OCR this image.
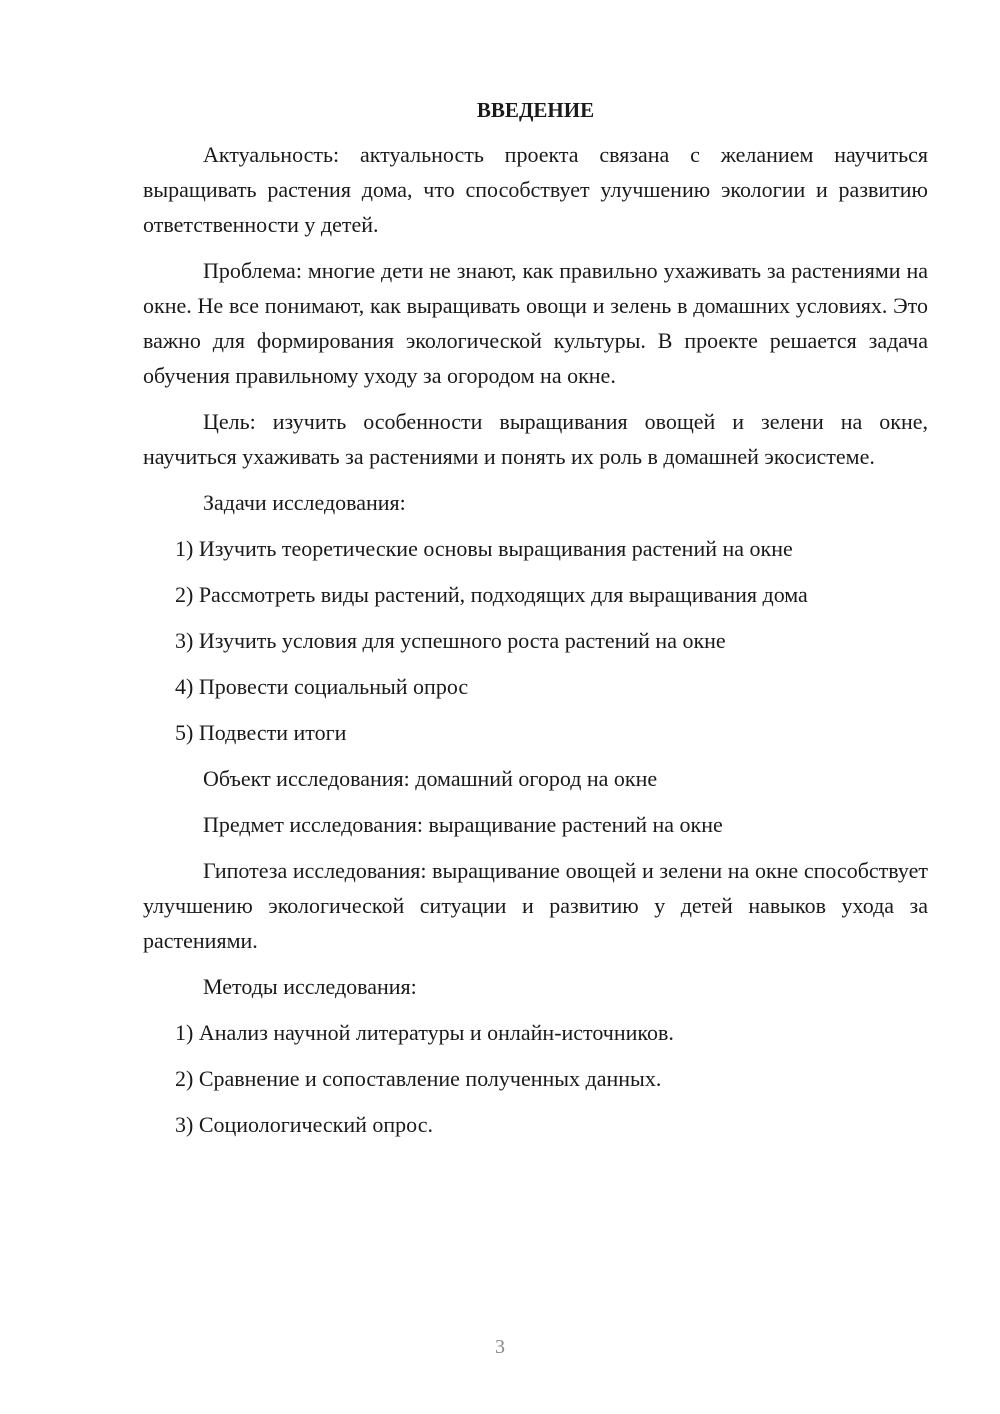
ВВЕДЕНИЕ

Актуальность: актуальность проекта связана с желанием научиться выращивать растения дома, что способствует улучшению экологии и развитию ответственности у детей.

Проблема: многие дети не знают, как правильно ухаживать за растениями на окне. Не все понимают, как выращивать овощи и зелень в домашних условиях. Это важно для формирования экологической культуры. В проекте решается задача обучения правильному уходу за огородом на окне.

Цель: изучить особенности выращивания овощей и зелени на окне, научиться ухаживать за растениями и понять их роль в домашней экосистеме.

Задачи исследования:
1) Изучить теоретические основы выращивания растений на окне
2) Рассмотреть виды растений, подходящих для выращивания дома
3) Изучить условия для успешного роста растений на окне
4) Провести социальный опрос
5) Подвести итоги
Объект исследования: домашний огород на окне
Предмет исследования: выращивание растений на окне

Гипотеза исследования: выращивание овощей и зелени на окне способствует улучшению экологической ситуации и развитию у детей навыков ухода за растениями.

Методы исследования:
1) Анализ научной литературы и онлайн-источников.
2) Сравнение и сопоставление полученных данных.
3) Социологический опрос.
3
